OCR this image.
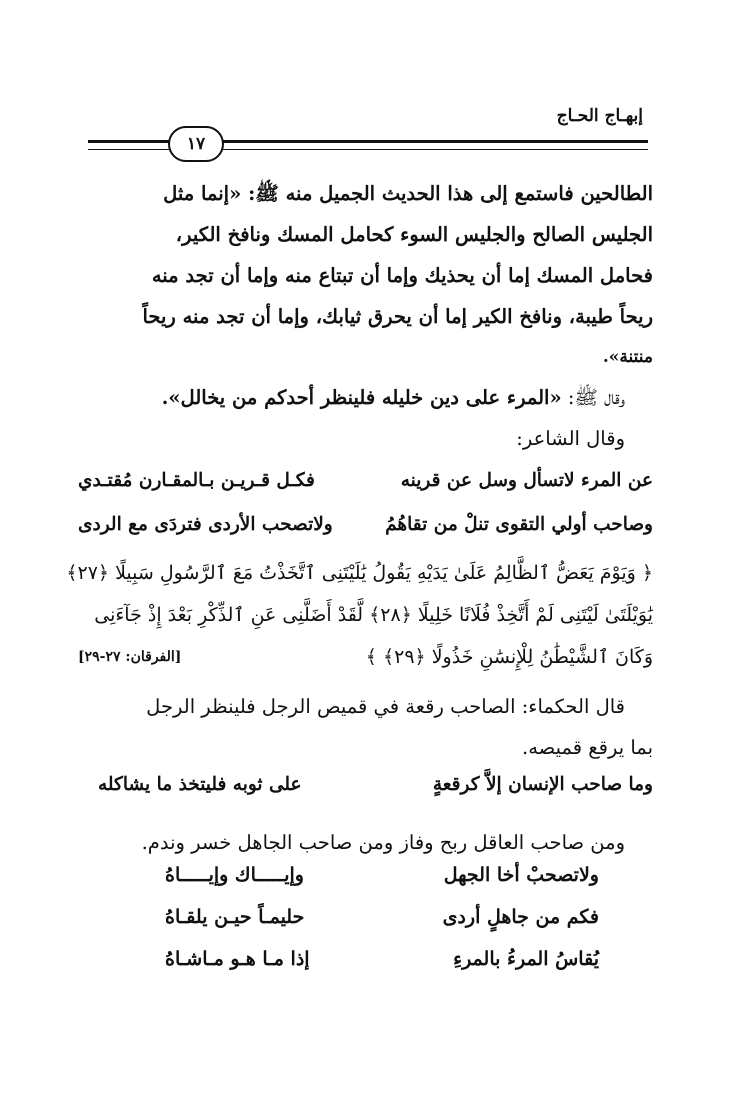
إبهـاج الحـاج
١٧
الطالحين فاستمع إلى هذا الحديث الجميل منه ﷺ: «إنما مثل
الجليس الصالح والجليس السوء كحامل المسك ونافخ الكير،
فحامل المسك إما أن يحذيك وإما أن تبتاع منه وإما أن تجد منه
ريحاً طيبة، ونافخ الكير إما أن يحرق ثيابك، وإما أن تجد منه ريحاً
منتنة».
وقال ﷺ: «المرء على دين خليله فلينظر أحدكم من يخالل».
وقال الشاعر:
عن المرء لاتسأل وسل عن قرينه
فكـل قـريـن بـالمقـارن مُقتـدي
وصاحب أولي التقوى تنلْ من تقاهُمُ
ولاتصحب الأردى فتردَى مع الردى
﴿ وَيَوْمَ يَعَضُّ ٱلظَّالِمُ عَلَىٰ يَدَيْهِ يَقُولُ يَٰلَيْتَنِى ٱتَّخَذْتُ مَعَ ٱلرَّسُولِ سَبِيلًا ﴿٢٧﴾
يَٰوَيْلَتَىٰ لَيْتَنِى لَمْ أَتَّخِذْ فُلَانًا خَلِيلًا ﴿٢٨﴾ لَّقَدْ أَضَلَّنِى عَنِ ٱلذِّكْرِ بَعْدَ إِذْ جَآءَنِى
وَكَانَ ٱلشَّيْطَٰنُ لِلْإِنسَٰنِ خَذُولًا ﴿٢٩﴾ ﴾
[الفرقان: ٢٧-٢٩]
قال الحكماء: الصاحب رقعة في قميص الرجل فلينظر الرجل
بما يرقع قميصه.
وما صاحب الإنسان إلاَّ كرقعةٍ
على ثوبه فليتخذ ما يشاكله
ومن صاحب العاقل ربح وفاز ومن صاحب الجاهل خسر وندم.
ولاتصحبْ أخا الجهل
وإيـــــاك وإيـــــاهُ
فكم من جاهلٍ أردى
حليمـاً حيـن يلقـاهُ
يُقاسُ المرءُ بالمرءِ
إذا مـا هـو مـاشـاهُ
